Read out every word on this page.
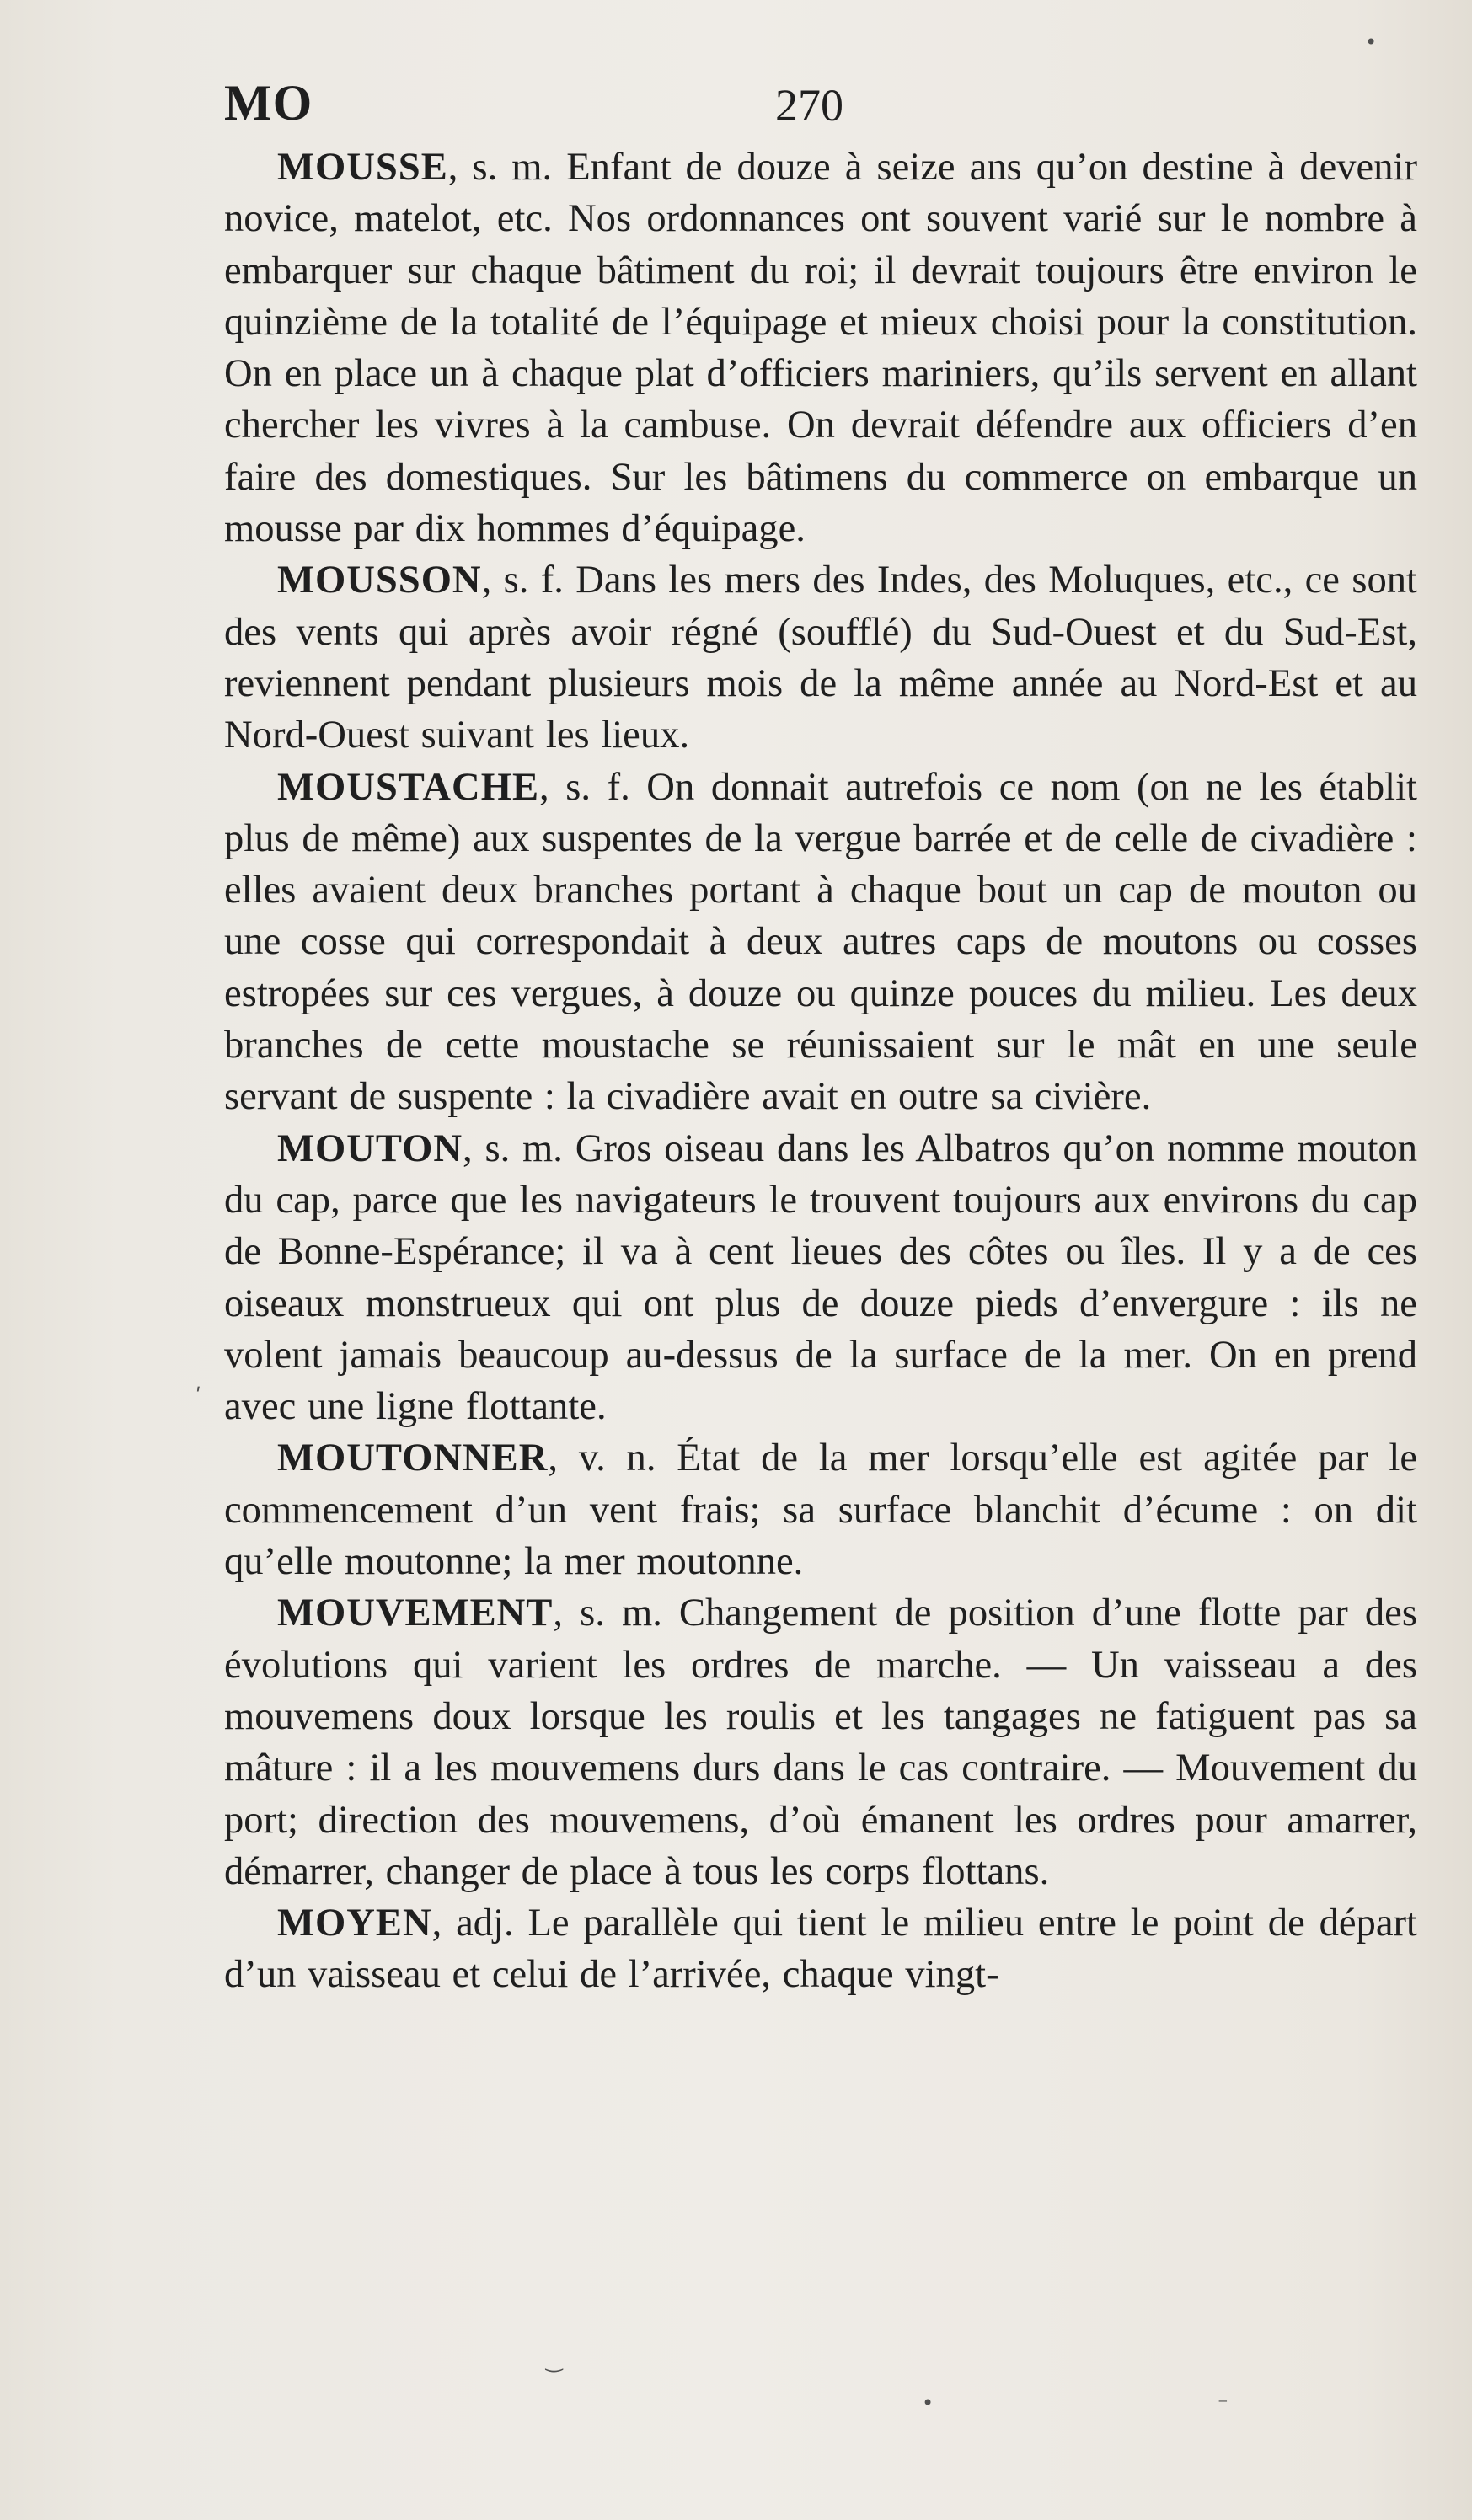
MO	270

MOUSSE, s. m. Enfant de douze à seize ans qu’on destine à devenir novice, matelot, etc. Nos ordonnances ont souvent varié sur le nombre à embarquer sur chaque bâtiment du roi; il devrait toujours être environ le quinzième de la totalité de l’équipage et mieux choisi pour la constitution. On en place un à chaque plat d’officiers mariniers, qu’ils servent en allant chercher les vivres à la cambuse. On devrait défendre aux officiers d’en faire des domestiques. Sur les bâtimens du commerce on embarque un mousse par dix hommes d’équipage.

MOUSSON, s. f. Dans les mers des Indes, des Moluques, etc., ce sont des vents qui après avoir régné (soufflé) du Sud-Ouest et du Sud-Est, reviennent pendant plusieurs mois de la même année au Nord-Est et au Nord-Ouest suivant les lieux.

MOUSTACHE, s. f. On donnait autrefois ce nom (on ne les établit plus de même) aux suspentes de la vergue barrée et de celle de civadière : elles avaient deux branches portant à chaque bout un cap de mouton ou une cosse qui correspondait à deux autres caps de moutons ou cosses estropées sur ces vergues, à douze ou quinze pouces du milieu. Les deux branches de cette moustache se réunissaient sur le mât en une seule servant de suspente : la civadière avait en outre sa civière.

MOUTON, s. m. Gros oiseau dans les Albatros qu’on nomme mouton du cap, parce que les navigateurs le trouvent toujours aux environs du cap de Bonne-Espérance; il va à cent lieues des côtes ou îles. Il y a de ces oiseaux monstrueux qui ont plus de douze pieds d’envergure : ils ne volent jamais beaucoup au-dessus de la surface de la mer. On en prend avec une ligne flottante.

MOUTONNER, v. n. État de la mer lorsqu’elle est agitée par le commencement d’un vent frais; sa surface blanchit d’écume : on dit qu’elle moutonne; la mer moutonne.

MOUVEMENT, s. m. Changement de position d’une flotte par des évolutions qui varient les ordres de marche. — Un vaisseau a des mouvemens doux lorsque les roulis et les tangages ne fatiguent pas sa mâture : il a les mouvemens durs dans le cas contraire. — Mouvement du port; direction des mouvemens, d’où émanent les ordres pour amarrer, démarrer, changer de place à tous les corps flottans.

MOYEN, adj. Le parallèle qui tient le milieu entre le point de départ d’un vaisseau et celui de l’arrivée, chaque vingt-

•
ʹ
‿
•	⁻
